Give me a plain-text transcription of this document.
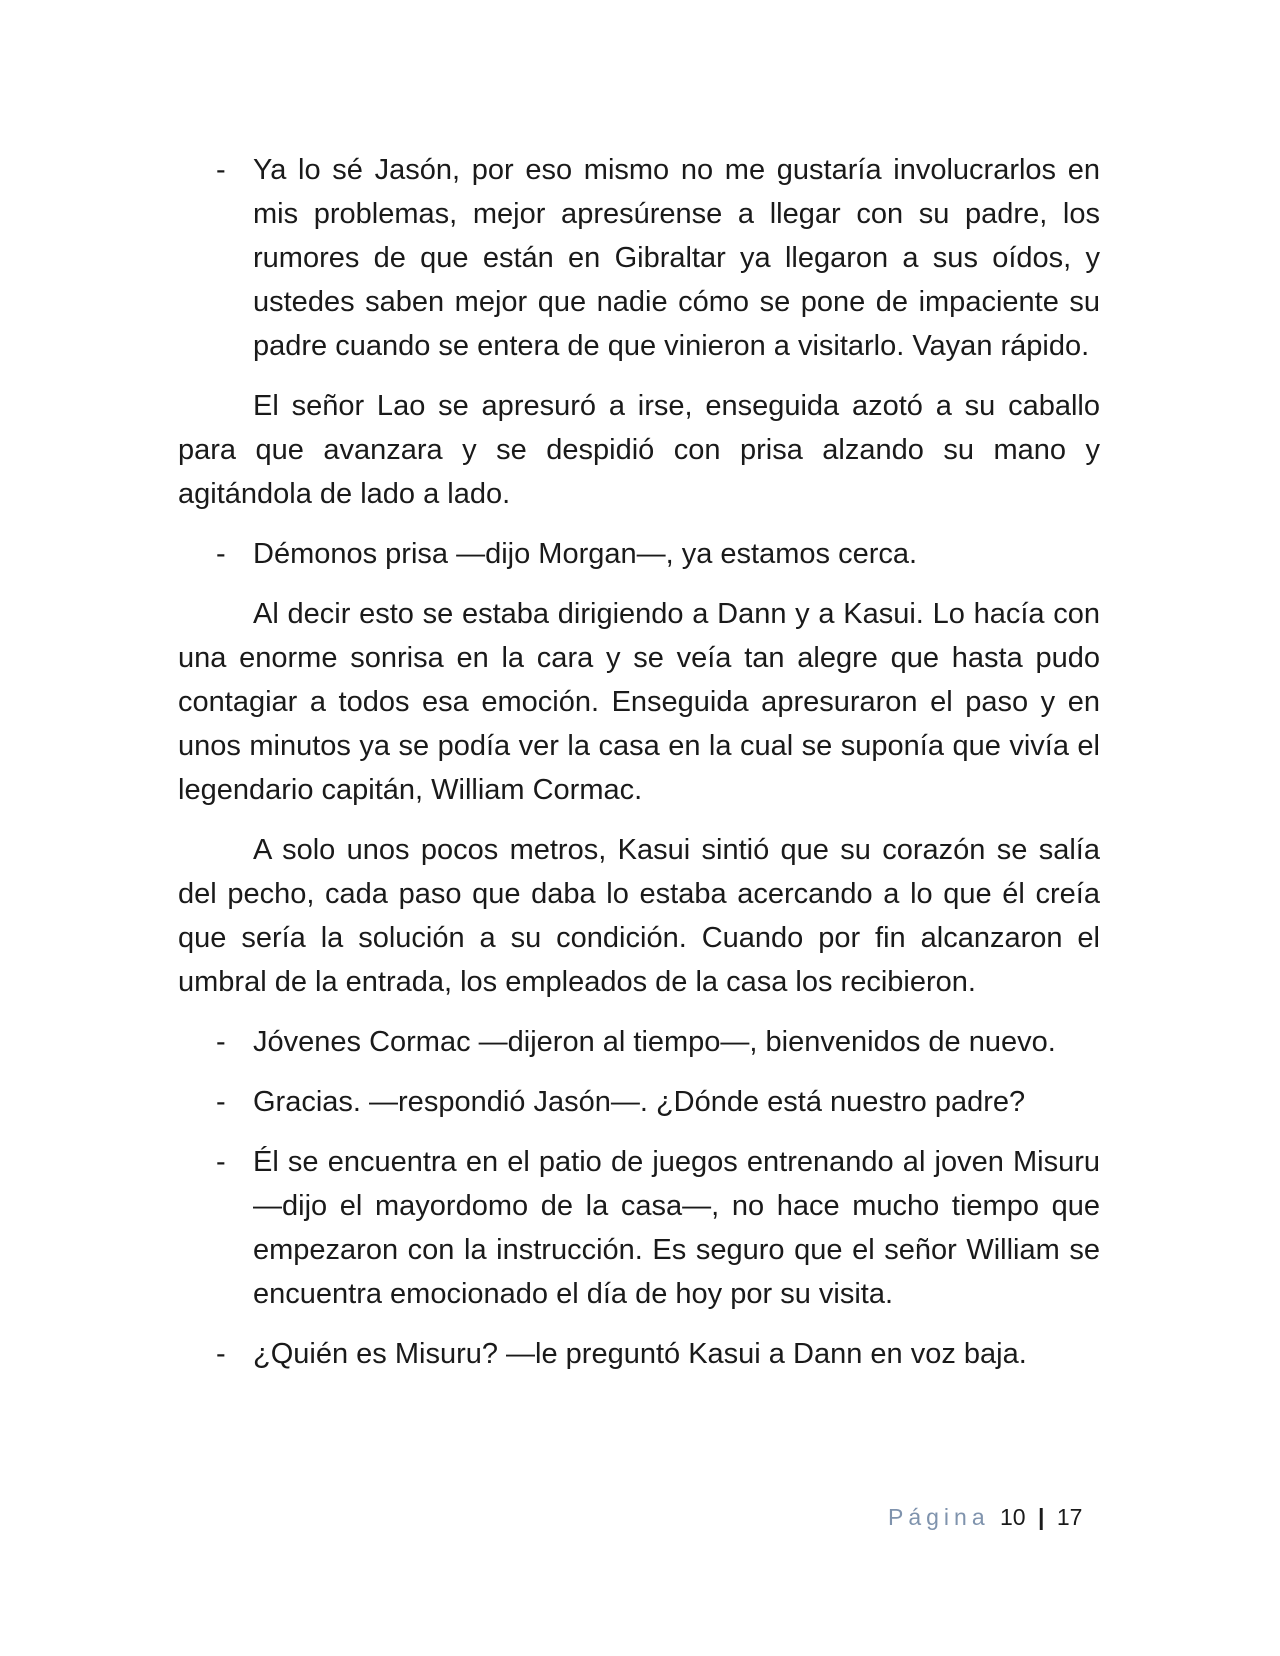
- Ya lo sé Jasón, por eso mismo no me gustaría involucrarlos en mis problemas, mejor apresúrense a llegar con su padre, los rumores de que están en Gibraltar ya llegaron a sus oídos, y ustedes saben mejor que nadie cómo se pone de impaciente su padre cuando se entera de que vinieron a visitarlo. Vayan rápido.

El señor Lao se apresuró a irse, enseguida azotó a su caballo para que avanzara y se despidió con prisa alzando su mano y agitándola de lado a lado.

- Démonos prisa —dijo Morgan—, ya estamos cerca.

Al decir esto se estaba dirigiendo a Dann y a Kasui. Lo hacía con una enorme sonrisa en la cara y se veía tan alegre que hasta pudo contagiar a todos esa emoción. Enseguida apresuraron el paso y en unos minutos ya se podía ver la casa en la cual se suponía que vivía el legendario capitán, William Cormac.

A solo unos pocos metros, Kasui sintió que su corazón se salía del pecho, cada paso que daba lo estaba acercando a lo que él creía que sería la solución a su condición. Cuando por fin alcanzaron el umbral de la entrada, los empleados de la casa los recibieron.

- Jóvenes Cormac —dijeron al tiempo—, bienvenidos de nuevo.
- Gracias. —respondió Jasón—. ¿Dónde está nuestro padre?
- Él se encuentra en el patio de juegos entrenando al joven Misuru —dijo el mayordomo de la casa—, no hace mucho tiempo que empezaron con la instrucción. Es seguro que el señor William se encuentra emocionado el día de hoy por su visita.
- ¿Quién es Misuru? —le preguntó Kasui a Dann en voz baja.
Página 10 | 17
